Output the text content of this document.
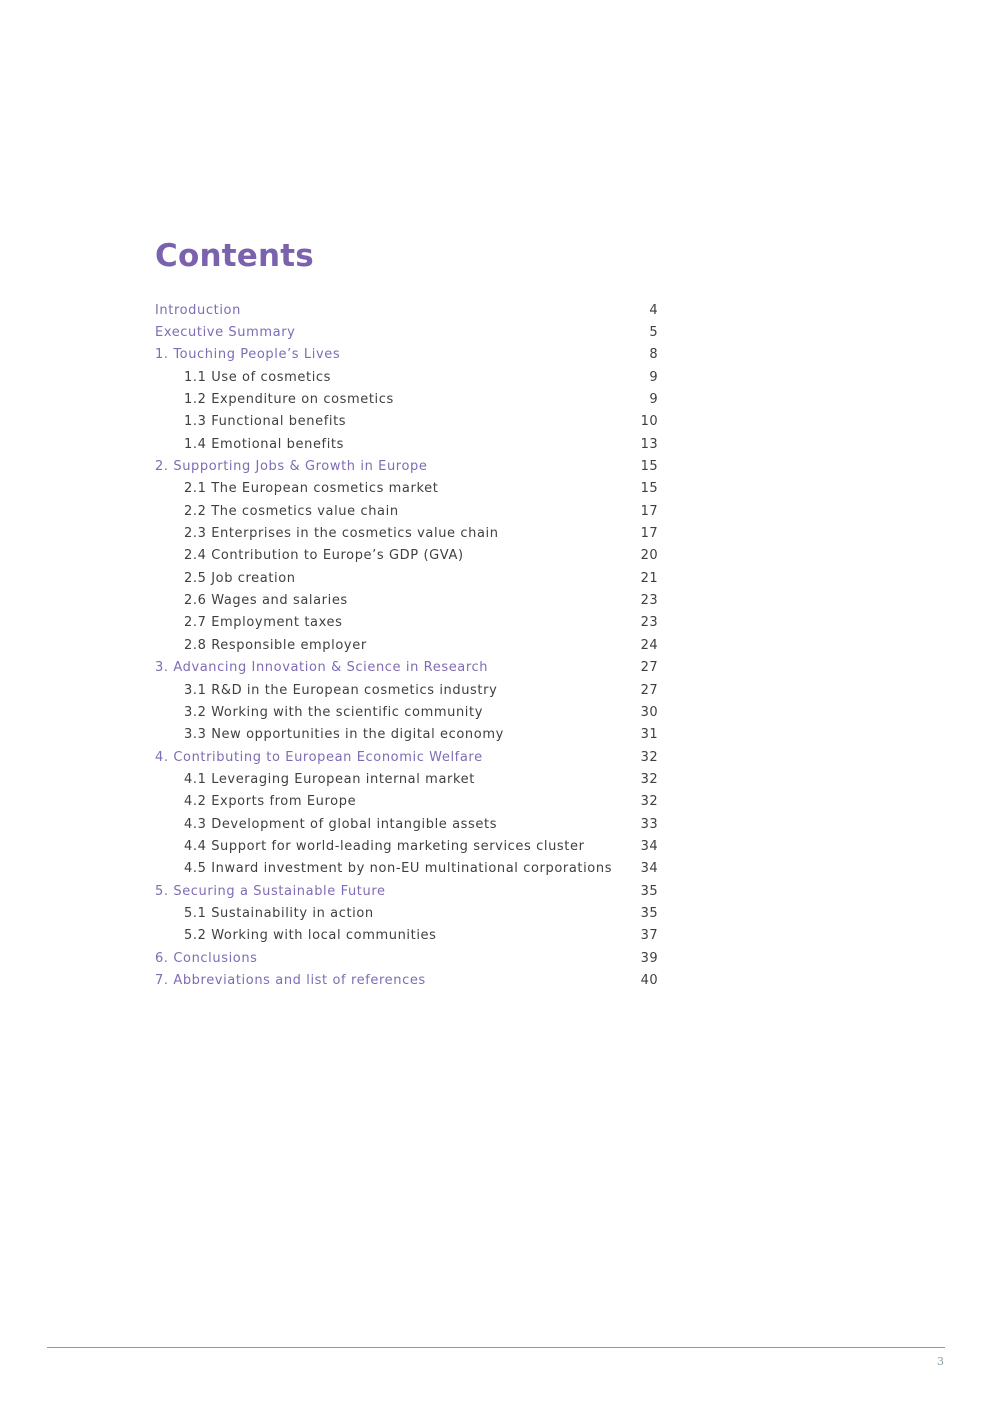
Contents
Introduction	4
Executive Summary	5
1. Touching People’s Lives	8
1.1 Use of cosmetics	9
1.2 Expenditure on cosmetics	9
1.3 Functional benefits	10
1.4 Emotional benefits	13
2. Supporting Jobs & Growth in Europe	15
2.1 The European cosmetics market	15
2.2 The cosmetics value chain	17
2.3 Enterprises in the cosmetics value chain	17
2.4 Contribution to Europe’s GDP (GVA)	20
2.5 Job creation	21
2.6 Wages and salaries	23
2.7 Employment taxes	23
2.8 Responsible employer	24
3. Advancing Innovation & Science in Research	27
3.1 R&D in the European cosmetics industry	27
3.2 Working with the scientific community	30
3.3 New opportunities in the digital economy	31
4. Contributing to European Economic Welfare	32
4.1 Leveraging European internal market	32
4.2 Exports from Europe	32
4.3 Development of global intangible assets	33
4.4 Support for world-leading marketing services cluster	34
4.5 Inward investment by non-EU multinational corporations 34
5. Securing a Sustainable Future	35
5.1 Sustainability in action	35
5.2 Working with local communities	37
6. Conclusions	39
7. Abbreviations and list of references	40
3
